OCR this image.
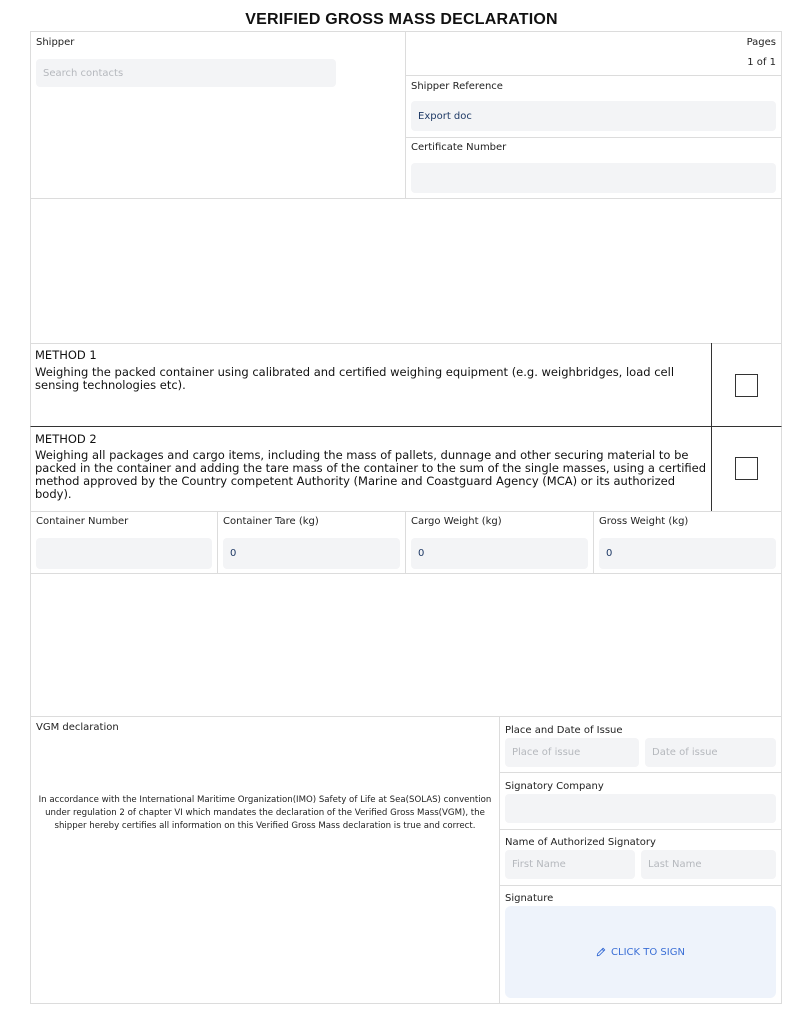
VERIFIED GROSS MASS DECLARATION
Shipper
Search contacts	Pages
1 of 1
Shipper Reference
Export doc
Certificate Number
METHOD 1
Weighing the packed container using calibrated and certified weighing equipment (e.g. weighbridges, load cell sensing technologies etc).
METHOD 2
Weighing all packages and cargo items, including the mass of pallets, dunnage and other securing material to be packed in the container and adding the tare mass of the container to the sum of the single masses, using a certified method approved by the Country competent Authority (Marine and Coastguard Agency (MCA) or its authorized body).
Container Number	Container Tare (kg)
0
Cargo Weight (kg)
0
Gross Weight (kg)
0
VGM declaration
In accordance with the International Maritime Organization(IMO) Safety of Life at Sea(SOLAS) convention under regulation 2 of chapter VI which mandates the declaration of the Verified Gross Mass(VGM), the shipper hereby certifies all information on this Verified Gross Mass declaration is true and correct.
Place and Date of Issue
Place of issue
Date of issue
Signatory Company
Name of Authorized Signatory
First Name
Last Name
Signature
CLICK TO SIGN
